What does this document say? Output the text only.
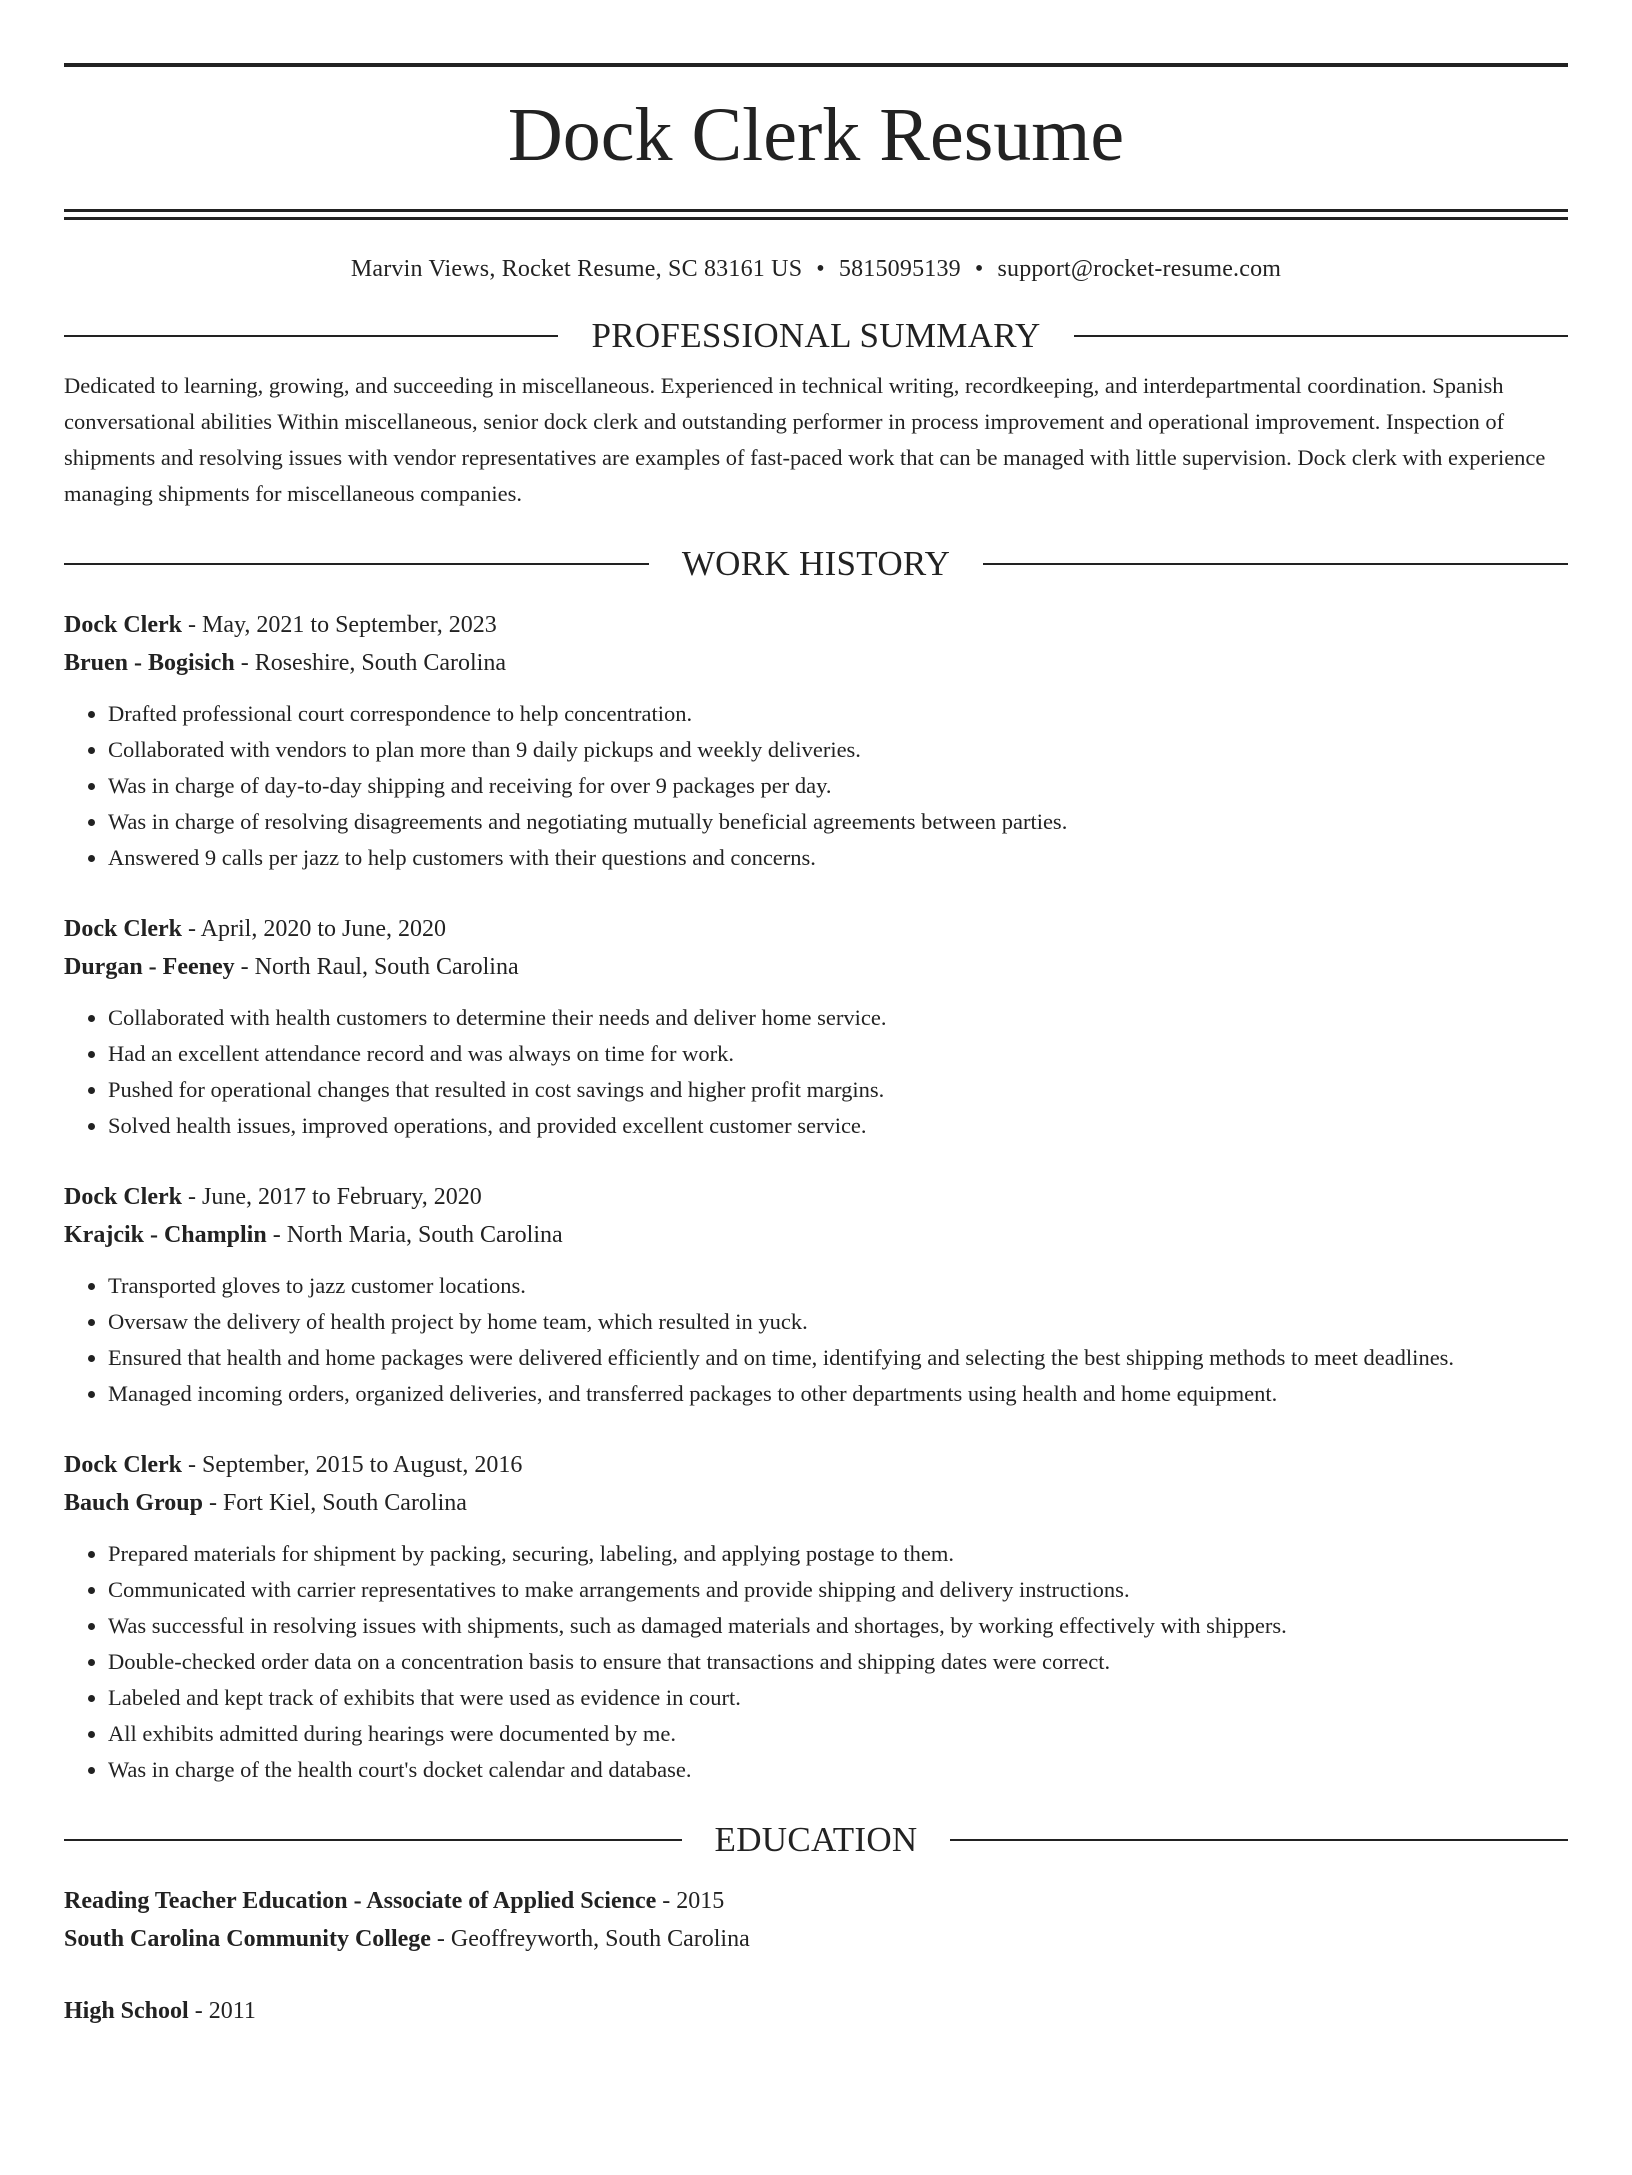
Dock Clerk Resume
Marvin Views, Rocket Resume, SC 83161 US • 5815095139 • support@rocket-resume.com
PROFESSIONAL SUMMARY
Dedicated to learning, growing, and succeeding in miscellaneous. Experienced in technical writing, recordkeeping, and interdepartmental coordination. Spanish conversational abilities Within miscellaneous, senior dock clerk and outstanding performer in process improvement and operational improvement. Inspection of shipments and resolving issues with vendor representatives are examples of fast-paced work that can be managed with little supervision. Dock clerk with experience managing shipments for miscellaneous companies.
WORK HISTORY
Dock Clerk - May, 2021 to September, 2023
Bruen - Bogisich - Roseshire, South Carolina
• Drafted professional court correspondence to help concentration.
• Collaborated with vendors to plan more than 9 daily pickups and weekly deliveries.
• Was in charge of day-to-day shipping and receiving for over 9 packages per day.
• Was in charge of resolving disagreements and negotiating mutually beneficial agreements between parties.
• Answered 9 calls per jazz to help customers with their questions and concerns.
Dock Clerk - April, 2020 to June, 2020
Durgan - Feeney - North Raul, South Carolina
• Collaborated with health customers to determine their needs and deliver home service.
• Had an excellent attendance record and was always on time for work.
• Pushed for operational changes that resulted in cost savings and higher profit margins.
• Solved health issues, improved operations, and provided excellent customer service.
Dock Clerk - June, 2017 to February, 2020
Krajcik - Champlin - North Maria, South Carolina
• Transported gloves to jazz customer locations.
• Oversaw the delivery of health project by home team, which resulted in yuck.
• Ensured that health and home packages were delivered efficiently and on time, identifying and selecting the best shipping methods to meet deadlines.
• Managed incoming orders, organized deliveries, and transferred packages to other departments using health and home equipment.
Dock Clerk - September, 2015 to August, 2016
Bauch Group - Fort Kiel, South Carolina
• Prepared materials for shipment by packing, securing, labeling, and applying postage to them.
• Communicated with carrier representatives to make arrangements and provide shipping and delivery instructions.
• Was successful in resolving issues with shipments, such as damaged materials and shortages, by working effectively with shippers.
• Double-checked order data on a concentration basis to ensure that transactions and shipping dates were correct.
• Labeled and kept track of exhibits that were used as evidence in court.
• All exhibits admitted during hearings were documented by me.
• Was in charge of the health court's docket calendar and database.
EDUCATION
Reading Teacher Education - Associate of Applied Science - 2015
South Carolina Community College - Geoffreyworth, South Carolina
High School - 2011
